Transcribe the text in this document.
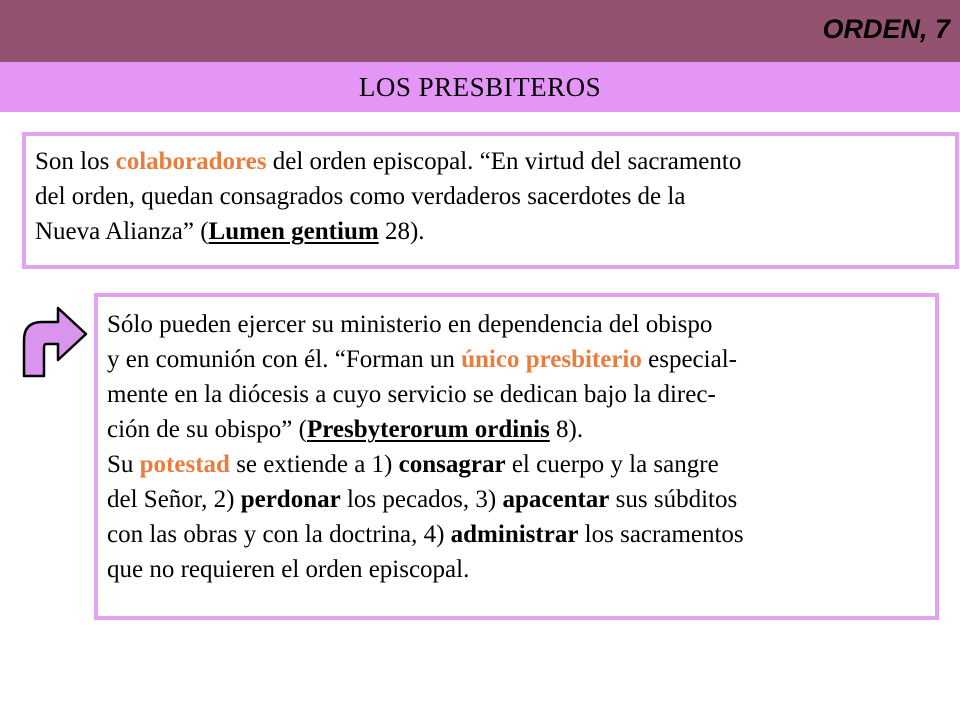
ORDEN, 7
LOS PRESBITEROS
Son los colaboradores del orden episcopal. “En virtud del sacramento
del orden, quedan consagrados como verdaderos sacerdotes de la
Nueva Alianza” (Lumen gentium 28).
Sólo pueden ejercer su ministerio en dependencia del obispo
y en comunión con él. “Forman un único presbiterio especial-
mente en la diócesis a cuyo servicio se dedican bajo la direc-
ción de su obispo” (Presbyterorum ordinis 8).
Su potestad se extiende a 1) consagrar el cuerpo y la sangre
del Señor, 2) perdonar los pecados, 3) apacentar sus súbditos
con las obras y con la doctrina, 4) administrar los sacramentos
que no requieren el orden episcopal.
